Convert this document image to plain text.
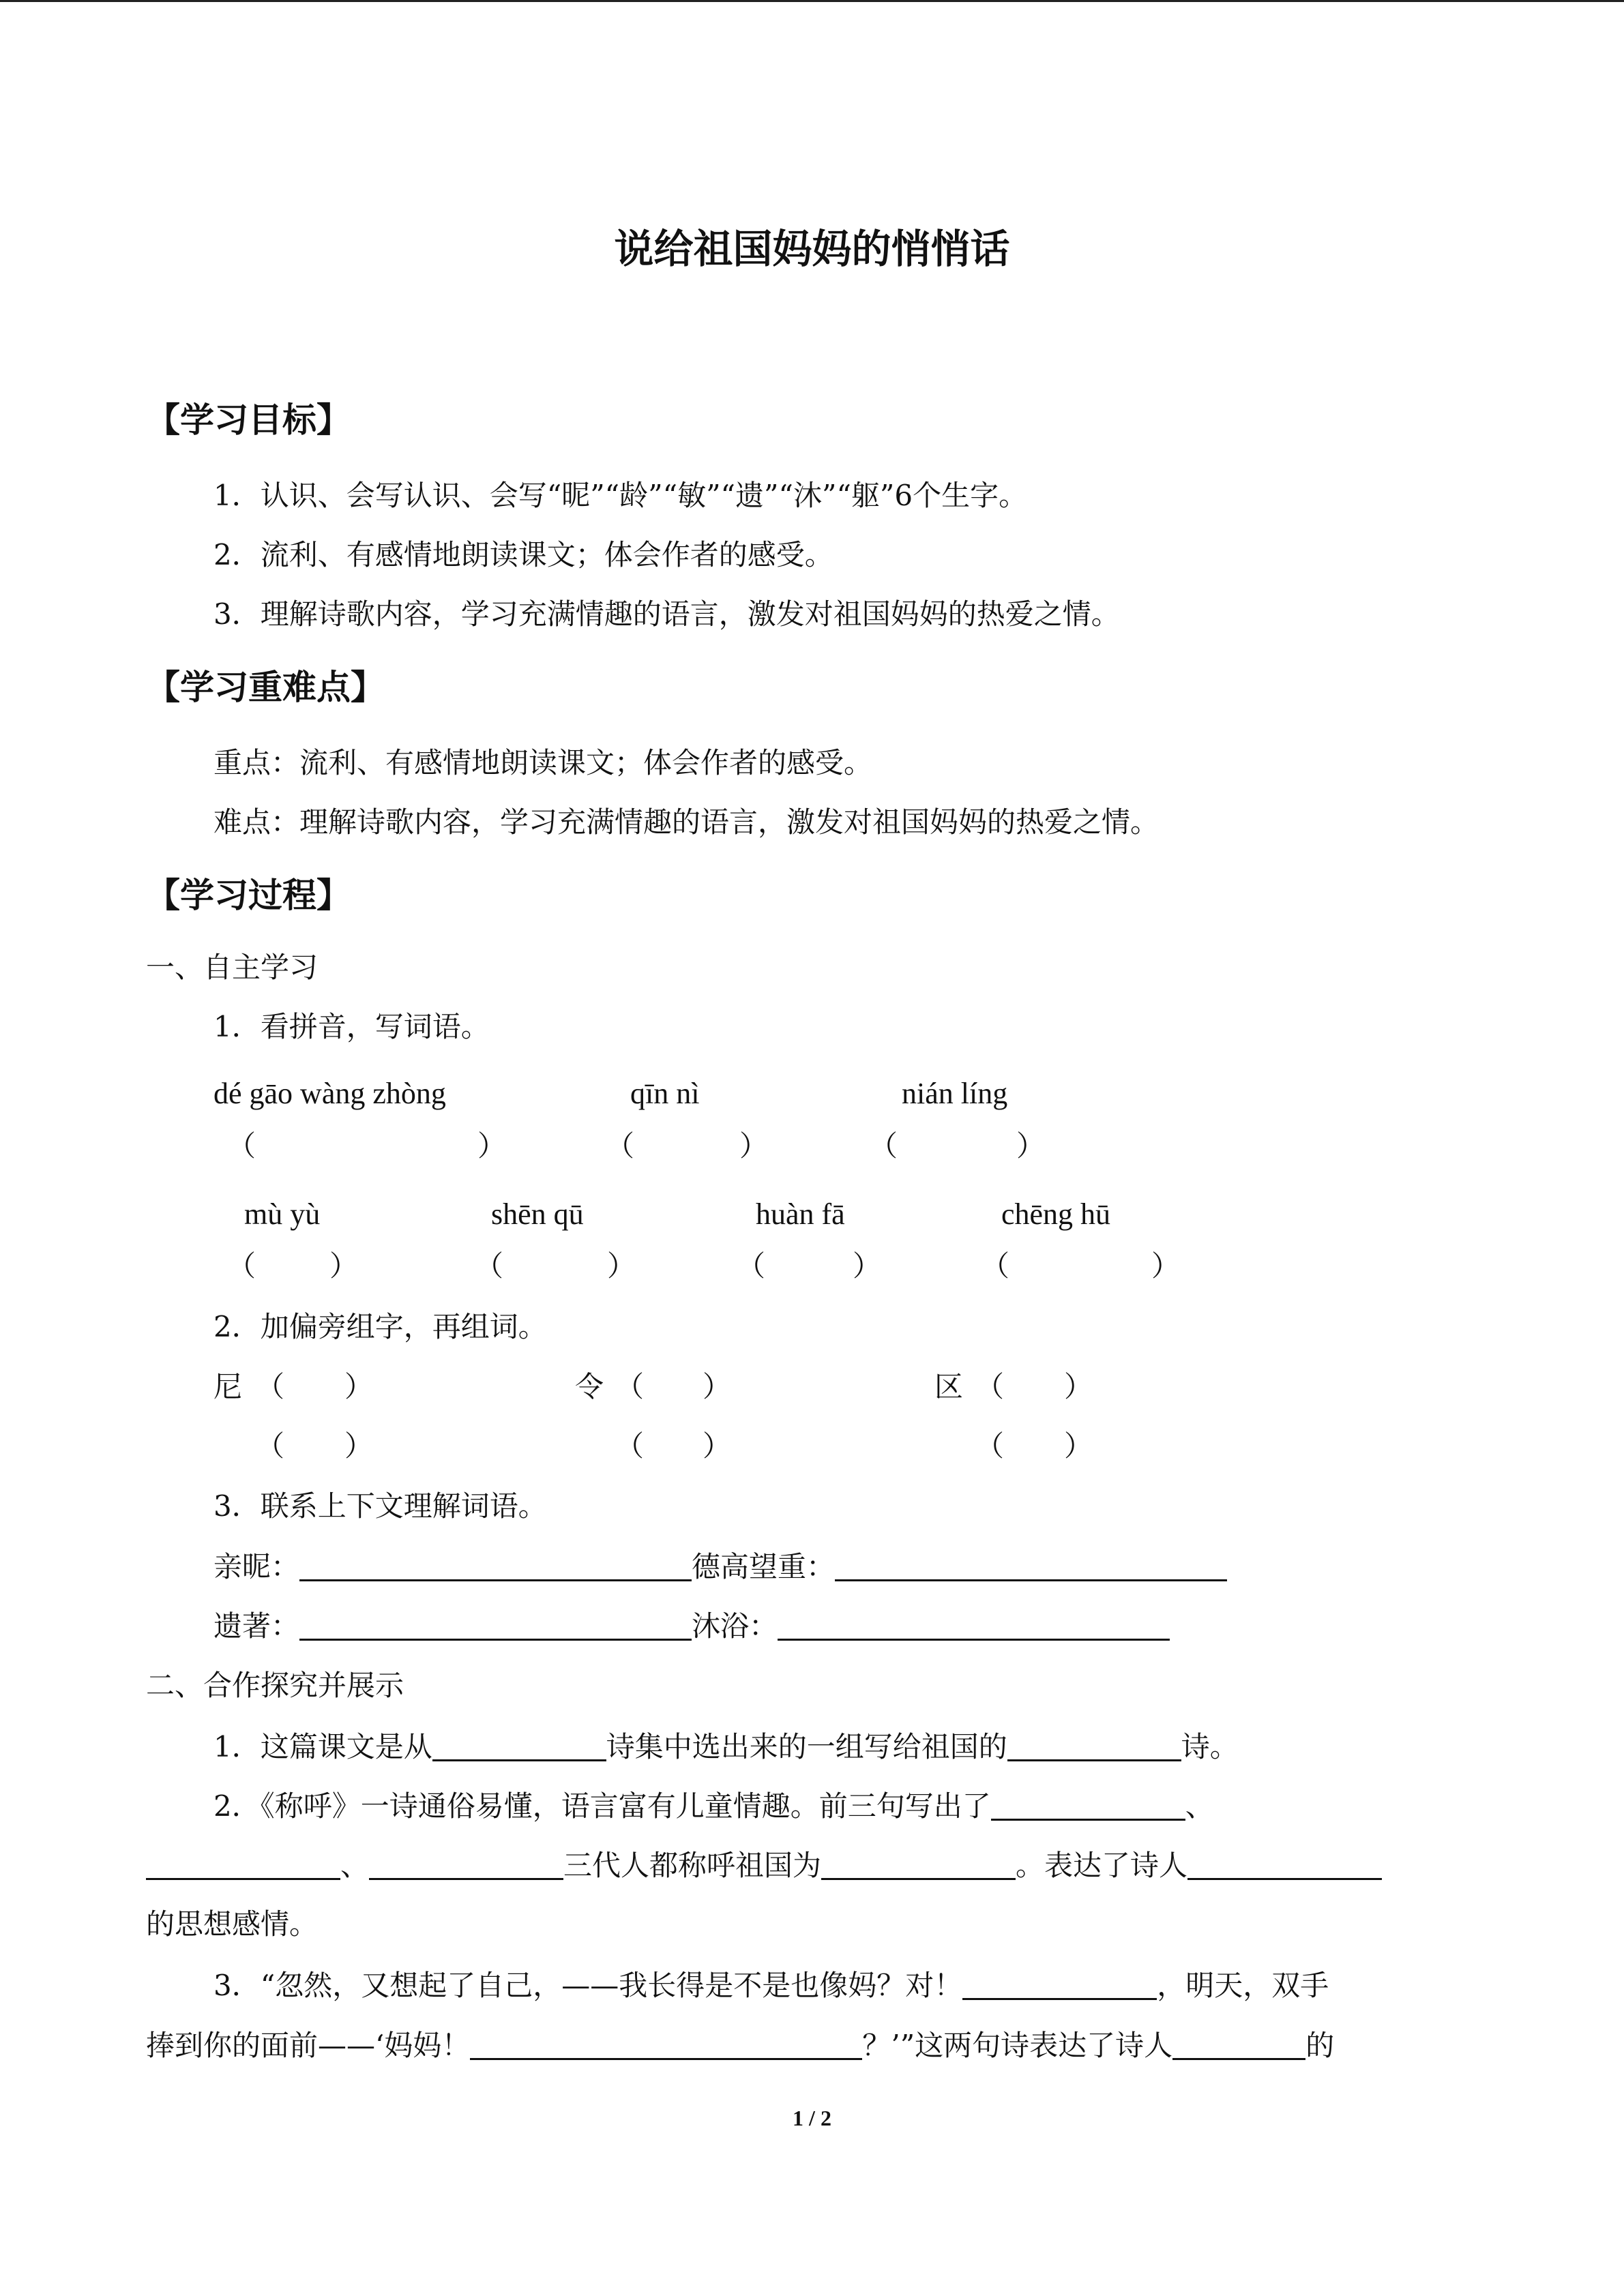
说给祖国妈妈的悄悄话
【学习目标】
1．认识、会写认识、会写“昵”“龄”“敏”“遗”“沐”“躯”6个生字。
2．流利、有感情地朗读课文；体会作者的感受。
3．理解诗歌内容，学习充满情趣的语言，激发对祖国妈妈的热爱之情。
【学习重难点】
重点：流利、有感情地朗读课文；体会作者的感受。
难点：理解诗歌内容，学习充满情趣的语言，激发对祖国妈妈的热爱之情。
【学习过程】
一、自主学习
1．看拼音，写词语。
dé gāo wàng zhòng	qīn nì	nián líng
（	）	（	）	（	）
mù yù	shēn qū	huàn fā	chēng hū
（	）	（	）	（	）	（	）
2．加偏旁组字，再组词。
尼 （ ）	令 （ ）	区 （ ）
（ ）	（ ）	（ ）
3．联系上下文理解词语。
亲昵：	德高望重：
遗著：	沐浴：
二、合作探究并展示
1．这篇课文是从	诗集中选出来的一组写给祖国的	诗。
2．《称呼》一诗通俗易懂，语言富有儿童情趣。前三句写出了	、
、	三代人都称呼祖国为	。表达了诗人
的思想感情。
3．“忽然，又想起了自己，——我长得是不是也像妈？对！	，明天，双手
捧到你的面前——‘妈妈！	？’”这两句诗表达了诗人	的
1 / 2
